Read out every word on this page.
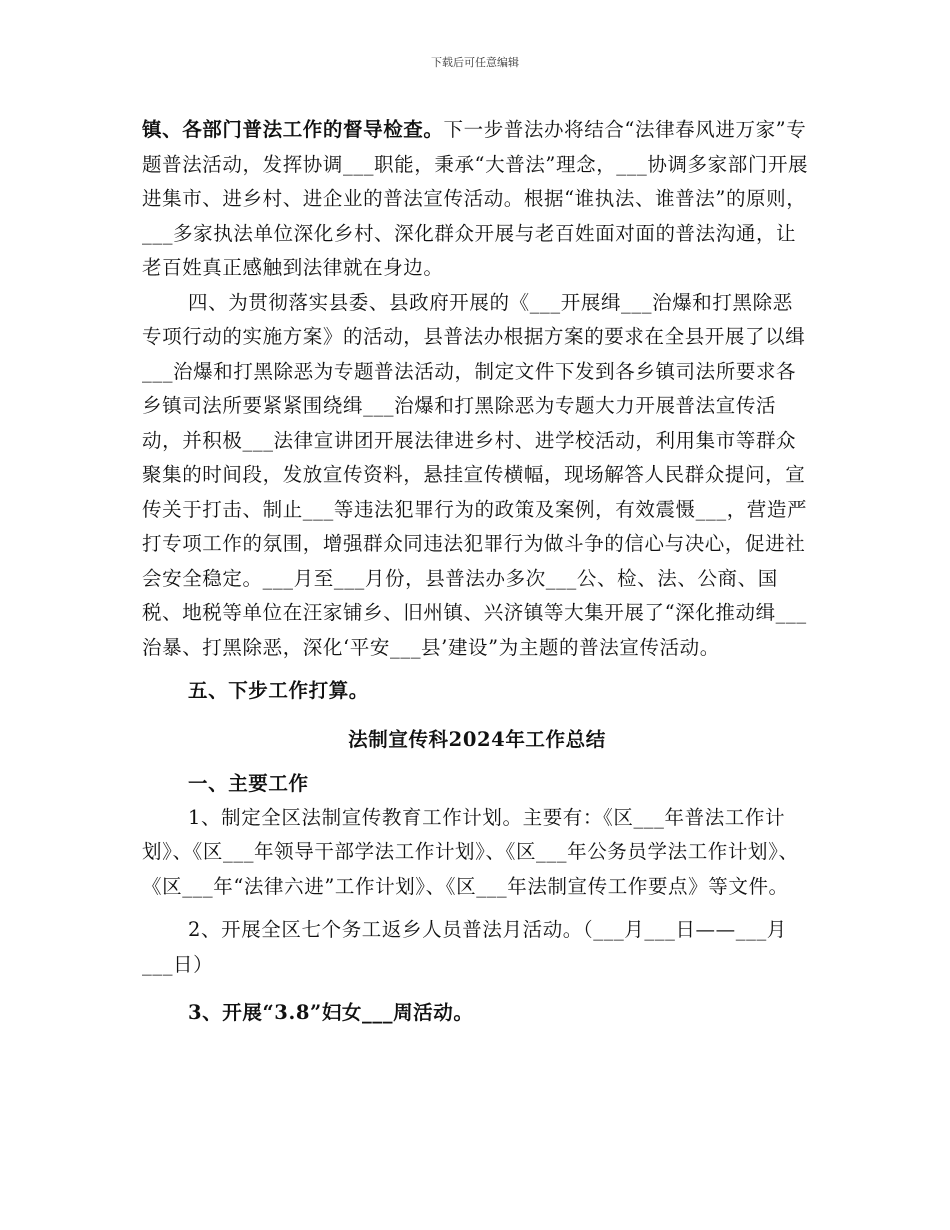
下载后可任意编辑

镇、各部门普法工作的督导检查。下一步普法办将结合“法律春风进万家”专题普法活动，发挥协调___职能，秉承“大普法”理念，___协调多家部门开展进集市、进乡村、进企业的普法宣传活动。根据“谁执法、谁普法”的原则，___多家执法单位深化乡村、深化群众开展与老百姓面对面的普法沟通，让老百姓真正感触到法律就在身边。

四、为贯彻落实县委、县政府开展的《___开展缉___治爆和打黑除恶专项行动的实施方案》的活动，县普法办根据方案的要求在全县开展了以缉___治爆和打黑除恶为专题普法活动，制定文件下发到各乡镇司法所要求各乡镇司法所要紧紧围绕缉___治爆和打黑除恶为专题大力开展普法宣传活动，并积极___法律宣讲团开展法律进乡村、进学校活动，利用集市等群众聚集的时间段，发放宣传资料，悬挂宣传横幅，现场解答人民群众提问，宣传关于打击、制止___等违法犯罪行为的政策及案例，有效震慑___，营造严打专项工作的氛围，增强群众同违法犯罪行为做斗争的信心与决心，促进社会安全稳定。___月至___月份，县普法办多次___公、检、法、公商、国税、地税等单位在汪家铺乡、旧州镇、兴济镇等大集开展了“深化推动缉___治暴、打黑除恶，深化‘平安___县’建设”为主题的普法宣传活动。

五、下步工作打算。

法制宣传科2024年工作总结

一、主要工作

1、制定全区法制宣传教育工作计划。主要有：《区___年普法工作计划》、《区___年领导干部学法工作计划》、《区___年公务员学法工作计划》、《区___年“法律六进”工作计划》、《区___年法制宣传工作要点》等文件。

2、开展全区七个务工返乡人员普法月活动。（___月___日——___月___日）

3、开展“3.8”妇女___周活动。
